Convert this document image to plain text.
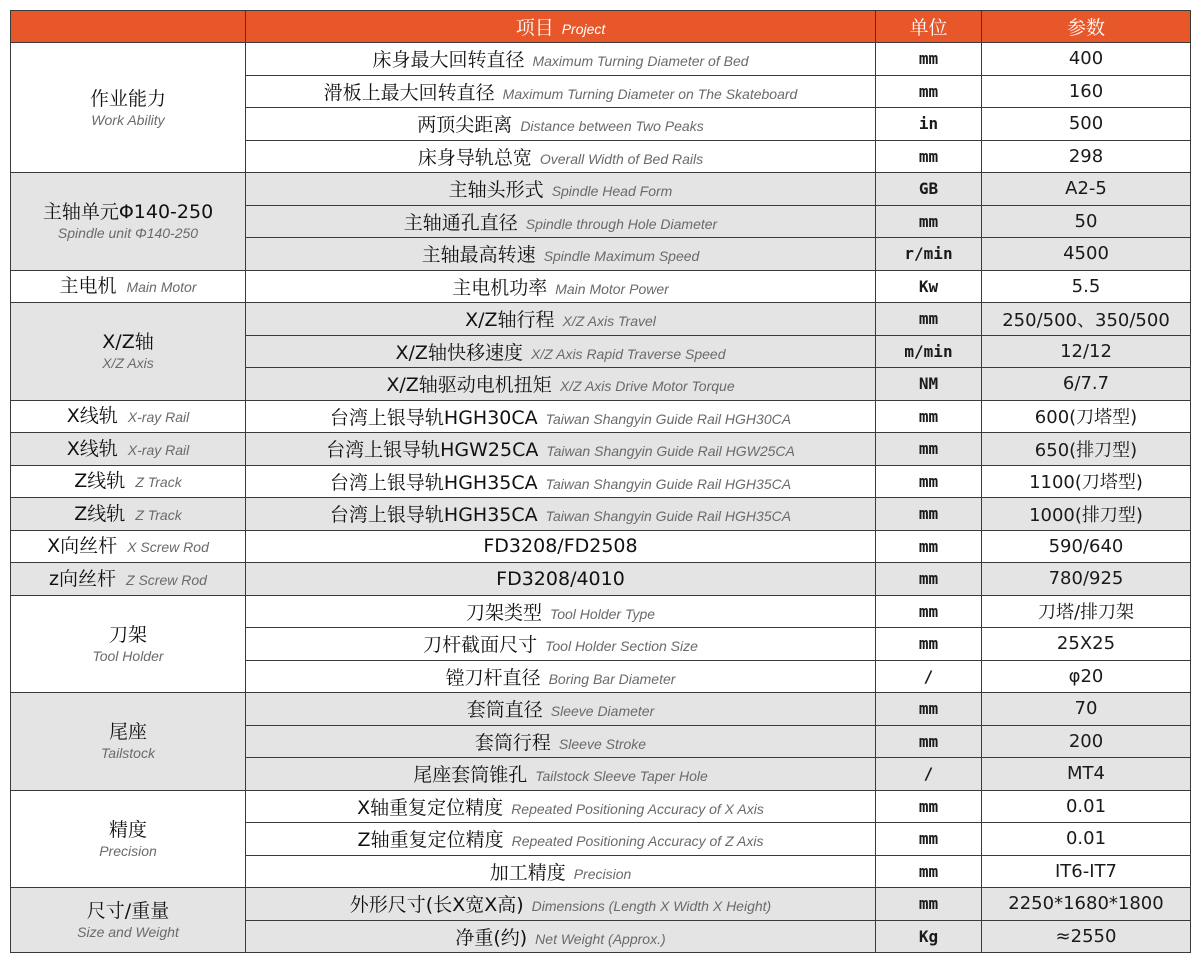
	项目 Project	单位	参数

作业能力
Work Ability	床身最大回转直径 Maximum Turning Diameter of Bed	mm	400
	滑板上最大回转直径 Maximum Turning Diameter on The Skateboard	mm	160
	两顶尖距离 Distance between Two Peaks	in	500
	床身导轨总宽 Overall Width of Bed Rails	mm	298

主轴单元Φ140-250
Spindle unit Φ140-250	主轴头形式 Spindle Head Form	GB	A2-5
	主轴通孔直径 Spindle through Hole Diameter	mm	50
	主轴最高转速 Spindle Maximum Speed	r/min	4500
主电机 Main Motor	主电机功率 Main Motor Power	Kw	5.5

X/Z轴
X/Z Axis	X/Z轴行程 X/Z Axis Travel	mm	250/500、350/500
	X/Z轴快移速度 X/Z Axis Rapid Traverse Speed	m/min	12/12
	X/Z轴驱动电机扭矩 X/Z Axis Drive Motor Torque	NM	6/7.7
X线轨 X-ray Rail	台湾上银导轨HGH30CA Taiwan Shangyin Guide Rail HGH30CA	mm	600(刀塔型)
X线轨 X-ray Rail	台湾上银导轨HGW25CA Taiwan Shangyin Guide Rail HGW25CA	mm	650(排刀型)
Z线轨 Z Track	台湾上银导轨HGH35CA Taiwan Shangyin Guide Rail HGH35CA	mm	1100(刀塔型)
Z线轨 Z Track	台湾上银导轨HGH35CA Taiwan Shangyin Guide Rail HGH35CA	mm	1000(排刀型)
X向丝杆 X Screw Rod	FD3208/FD2508	mm	590/640
z向丝杆 Z Screw Rod	FD3208/4010	mm	780/925

刀架
Tool Holder	刀架类型 Tool Holder Type	mm	刀塔/排刀架
	刀杆截面尺寸 Tool Holder Section Size	mm	25X25
	镗刀杆直径 Boring Bar Diameter	/	φ20

尾座
Tailstock	套筒直径 Sleeve Diameter	mm	70
	套筒行程 Sleeve Stroke	mm	200
	尾座套筒锥孔 Tailstock Sleeve Taper Hole	/	MT4

精度
Precision	X轴重复定位精度 Repeated Positioning Accuracy of X Axis	mm	0.01
	Z轴重复定位精度 Repeated Positioning Accuracy of Z Axis	mm	0.01
	加工精度 Precision	mm	IT6-IT7

尺寸/重量
Size and Weight	外形尺寸(长X宽X高) Dimensions (Length X Width X Height)	mm	2250*1680*1800
	净重(约) Net Weight (Approx.)	Kg	≈2550
